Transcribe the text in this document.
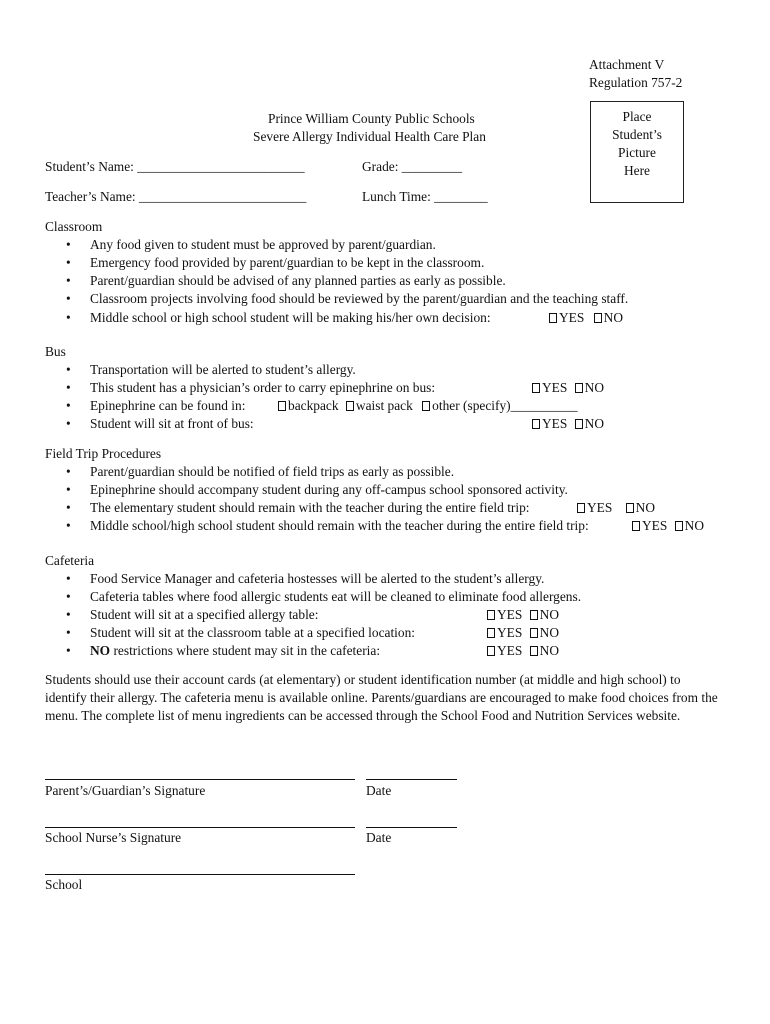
Attachment V
Regulation 757-2
Prince William County Public Schools
Severe Allergy Individual Health Care Plan
Place
Student’s
Picture
Here
Student’s Name: _________________________	Grade: _________
Teacher’s Name: _________________________	Lunch Time: ________
Classroom
Any food given to student must be approved by parent/guardian.
Emergency food provided by parent/guardian to be kept in the classroom.
Parent/guardian should be advised of any planned parties as early as possible.
Classroom projects involving food should be reviewed by the parent/guardian and the teaching staff.
Middle school or high school student will be making his/her own decision:	YES NO
Bus
Transportation will be alerted to student’s allergy.
This student has a physician’s order to carry epinephrine on bus:	YES NO
Epinephrine can be found in:	backpack waist pack other (specify)__________
Student will sit at front of bus:	YES NO
Field Trip Procedures
Parent/guardian should be notified of field trips as early as possible.
Epinephrine should accompany student during any off-campus school sponsored activity.
The elementary student should remain with the teacher during the entire field trip:	YES NO
Middle school/high school student should remain with the teacher during the entire field trip:	YES NO
Cafeteria
Food Service Manager and cafeteria hostesses will be alerted to the student’s allergy.
Cafeteria tables where food allergic students eat will be cleaned to eliminate food allergens.
Student will sit at a specified allergy table:	YES NO
Student will sit at the classroom table at a specified location:	YES NO
NO restrictions where student may sit in the cafeteria:	YES NO
Students should use their account cards (at elementary) or student identification number (at middle and high school) to identify their allergy. The cafeteria menu is available online. Parents/guardians are encouraged to make food choices from the menu. The complete list of menu ingredients can be accessed through the School Food and Nutrition Services website.
Parent’s/Guardian’s Signature	Date
School Nurse’s Signature	Date
School
